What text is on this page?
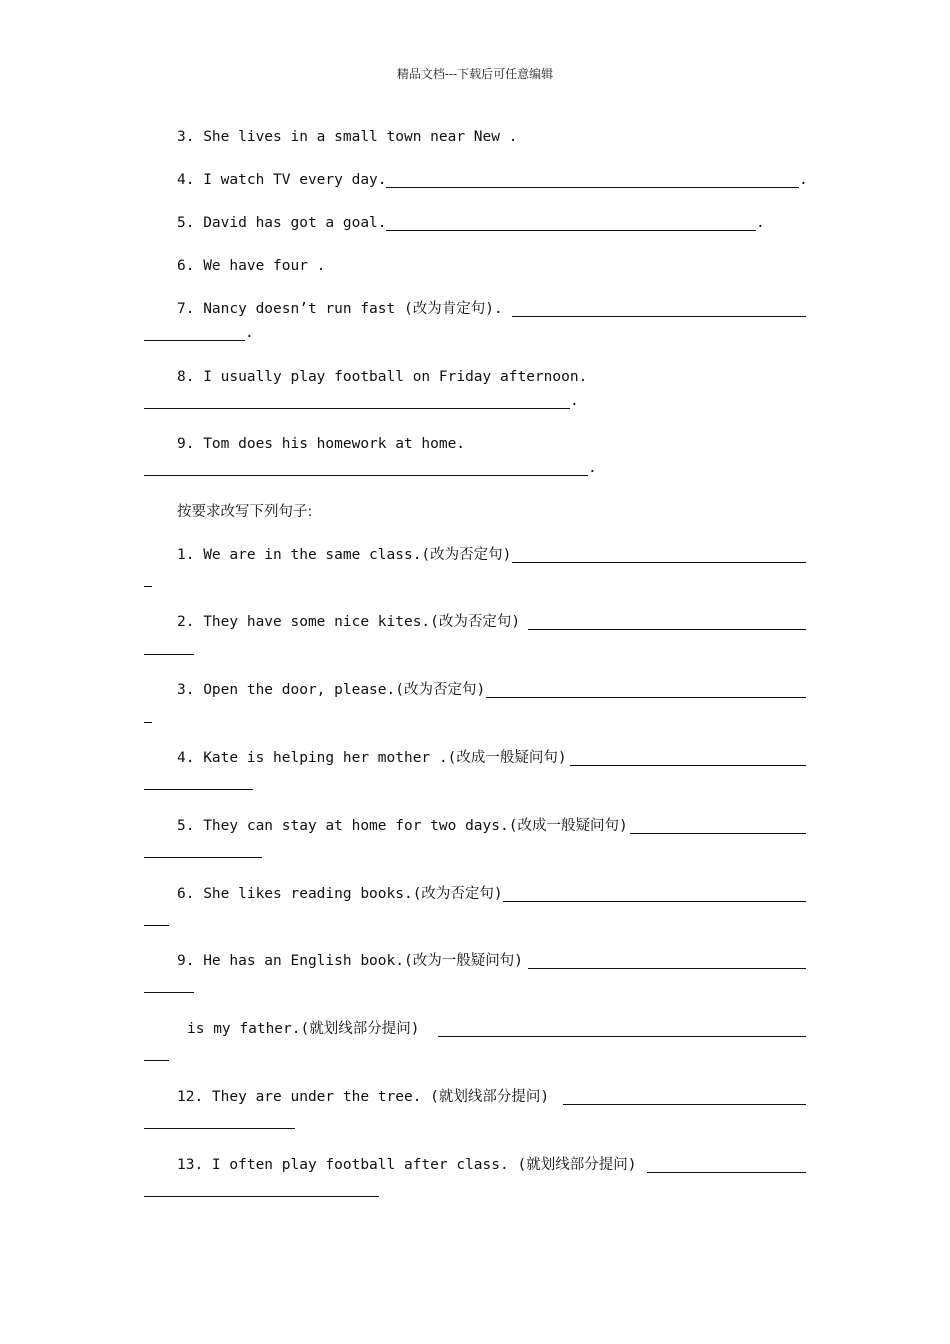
精品文档---下载后可任意编辑
3. She lives in a small town near New .
4. I watch TV every day.	.
5. David has got a goal.	.
6. We have four .
7. Nancy doesn’t run fast (改为肯定句).
.
8. I usually play football on Friday afternoon.
.
9. Tom does his homework at home.
.
按要求改写下列句子:
1. We are in the same class.(改为否定句)
2. They have some nice kites.(改为否定句)
3. Open the door, please.(改为否定句)
4. Kate is helping her mother .(改成一般疑问句)
5. They can stay at home for two days.(改成一般疑问句)
6. She likes reading books.(改为否定句)
9. He has an English book.(改为一般疑问句)
is my father.(就划线部分提问)
12. They are under the tree. (就划线部分提问)
13. I often play football after class. (就划线部分提问)
